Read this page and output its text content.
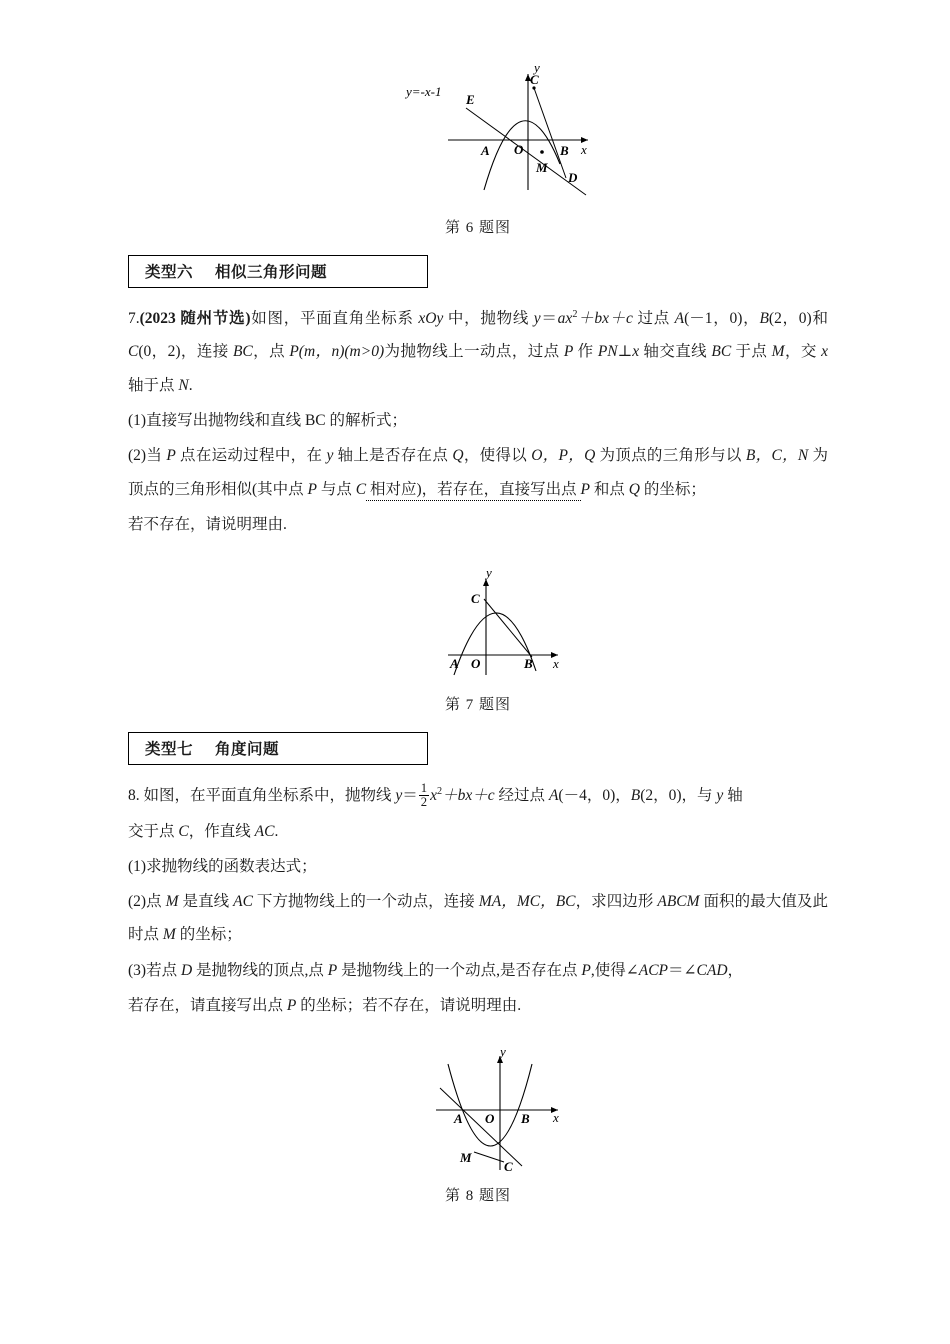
y=-x-1
y
x
A	B
C
D
E
O
M
第 6 题图
类型六 相似三角形问题

7.(2023 随州节选)如图，平面直角坐标系 xOy 中，抛物线 $y=ax^2+bx+c$ 过点 A(－1，0)，B(2，0)和 C(0，2)，连接 BC，点 P(m，n)(m>0)为抛物线上一动点，过点 P 作 PN⊥x 轴交直线 BC 于点 M，交 x 轴于点 N.

(1)直接写出抛物线和直线 BC 的解析式；

(2)当 P 点在运动过程中，在 y 轴上是否存在点 Q，使得以 O，P，Q 为顶点的三角形与以 B，C，N 为顶点的三角形相似(其中点 P 与点 C 相对应)，若存在，直接写出点 P 和点 Q 的坐标；

若不存在，请说明理由.

y
x
A	B
C
O
第 7 题图
类型七 角度问题

8. 如图，在平面直角坐标系中，抛物线 $y= \frac{1}{2} x^2+bx+c$ 经过点 A(－4，0)，B(2，0)，与 y 轴

交于点 C，作直线 AC.

(1)求抛物线的函数表达式；

(2)点 M 是直线 AC 下方抛物线上的一个动点，连接 MA，MC，BC，求四边形 ABCM 面积的最大值及此时点 M 的坐标；

(3)若点 D 是抛物线的顶点,点 P 是抛物线上的一个动点,是否存在点 P,使得∠ACP＝∠CAD，

若存在，请直接写出点 P 的坐标；若不存在，请说明理由.

y
x
A	B
C
M
O
第 8 题图
